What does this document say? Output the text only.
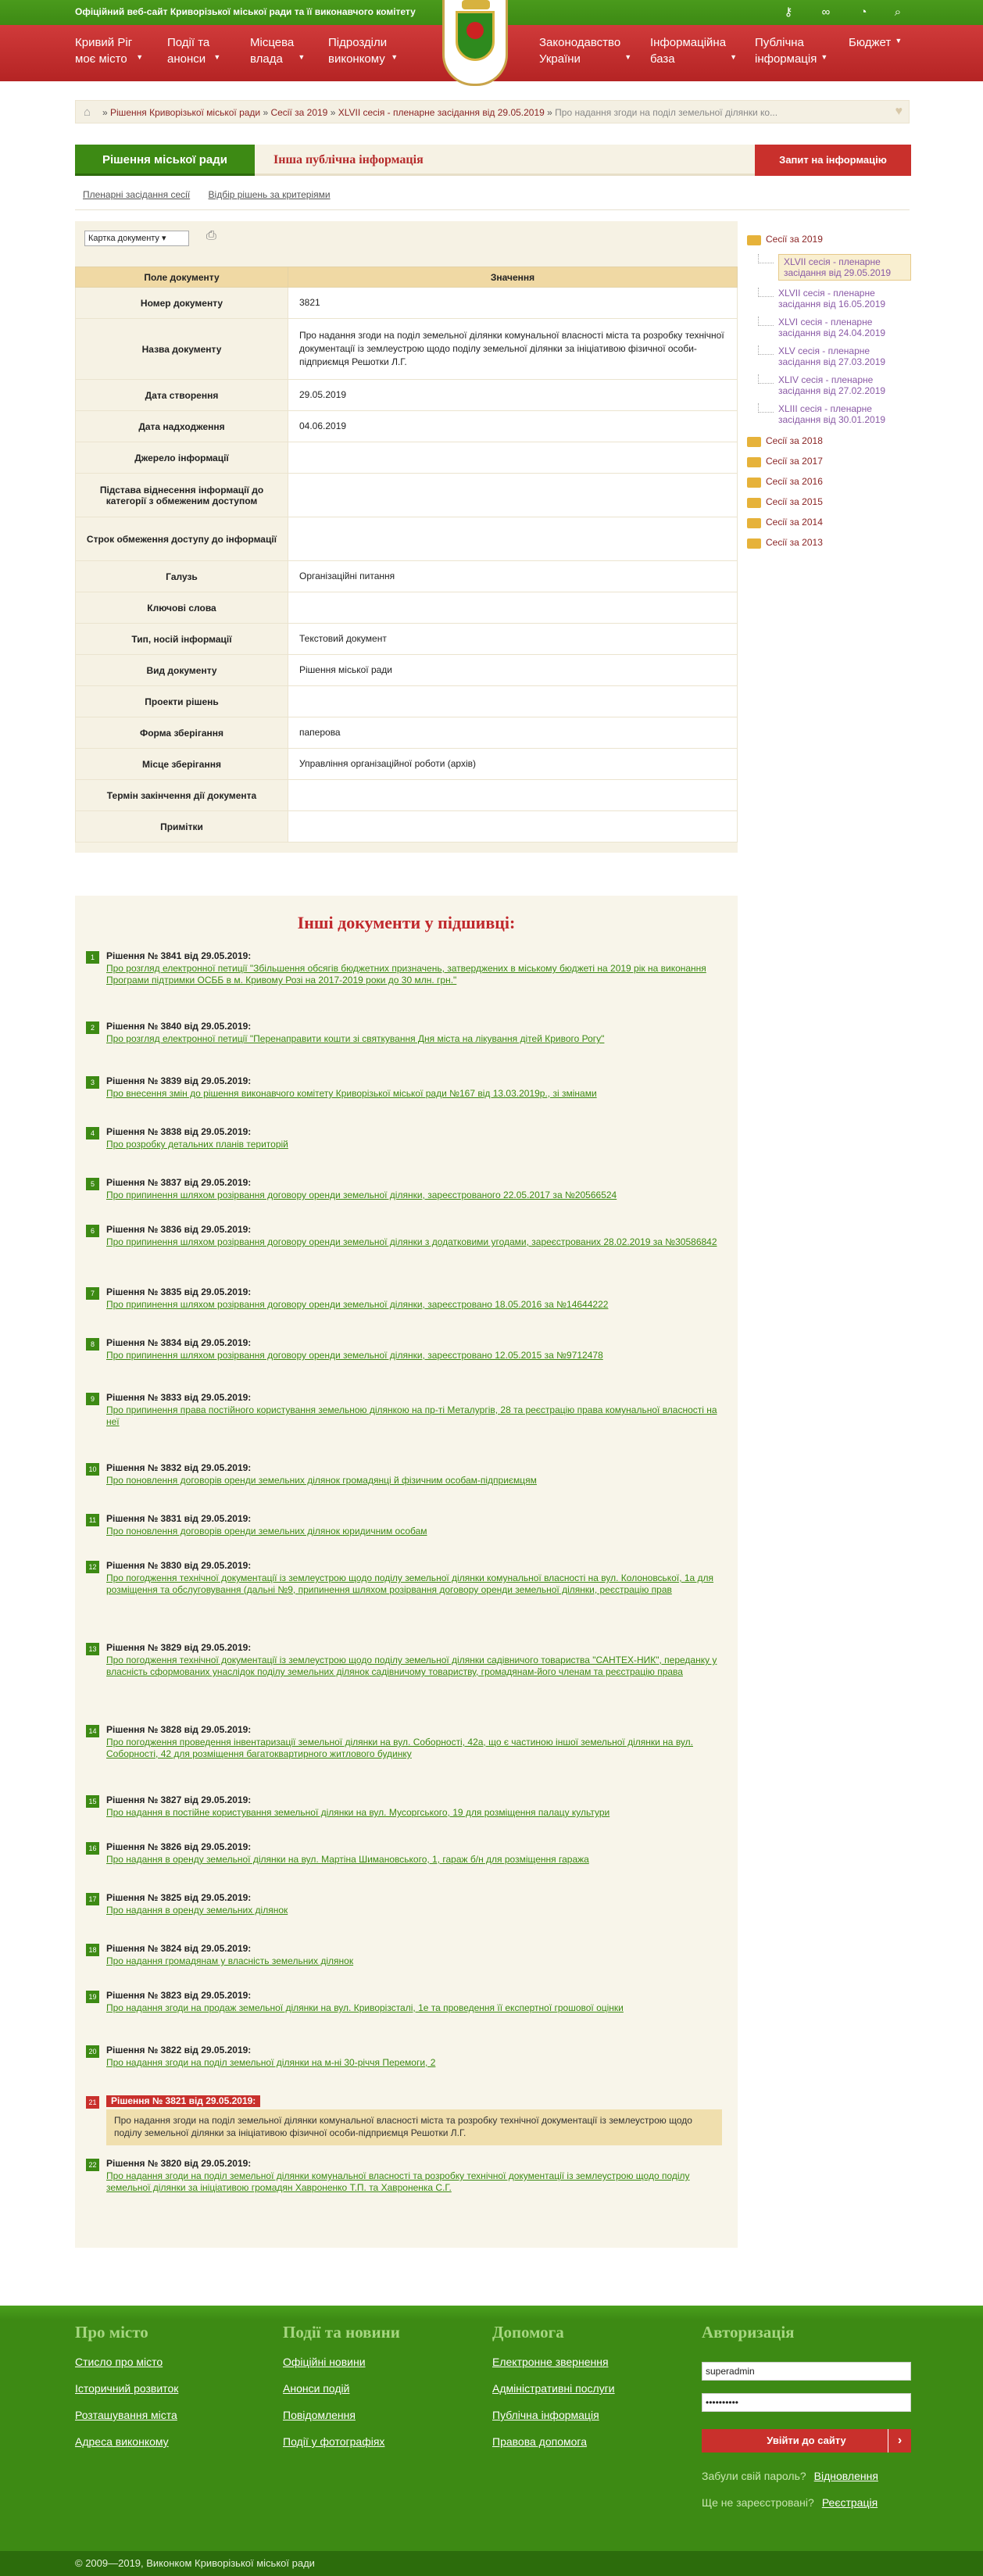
Офіційний веб-сайт Криворізької міської ради та її виконавчого комітету	⚷ ∞	◔	⌕
Кривий Ріг
моє місто ▼
Події та
анонси ▼
Місцева
влада ▼
Підрозділи
виконкому ▼
Законодавство
України	▼
Інформаційна
база	▼
Публічна
інформація ▼
Бюджет ▼
⌂ » Рішення Криворізької міської ради » Сесії за 2019 » XLVII сесія - пленарне засідання від 29.05.2019 » Про надання згоди на поділ земельної ділянки ко...	♥
Рішення міської ради	Інша публічна інформація	Запит на інформацію
Пленарні засідання сесії Відбір рішень за критеріями
Картка документу ▾	⎙
Поле документу	Значення
Номер документу	3821
Назва документу	Про надання згоди на поділ земельної ділянки комунальної власності міста та розробку технічної документації із землеустрою щодо поділу земельної ділянки за ініціативою фізичної особи-підприємця Решотки Л.Г.
Дата створення	29.05.2019
Дата надходження	04.06.2019
Джерело інформації	
Підстава віднесення інформації до категорії з обмеженим доступом	
Строк обмеження доступу до інформації	
Галузь	Організаційні питання
Ключові слова	
Тип, носій інформації	Текстовий документ
Вид документу	Рішення міської ради
Проекти рішень	
Форма зберігання	паперова
Місце зберігання	Управління організаційної роботи (архів)
Термін закінчення дії документа	
Примітки	
Інші документи у підшивці:
1	Рішення № 3841 від 29.05.2019:
Про розгляд електронної петиції "Збільшення обсягів бюджетних призначень, затверджених в міському бюджеті на 2019 рік на виконання Програми підтримки ОСББ в м. Кривому Розі на 2017-2019 роки до 30 млн. грн."
2	Рішення № 3840 від 29.05.2019:
Про розгляд електронної петиції "Перенаправити кошти зі святкування Дня міста на лікування дітей Кривого Рогу"
3	Рішення № 3839 від 29.05.2019:
Про внесення змін до рішення виконавчого комітету Криворізької міської ради №167 від 13.03.2019р., зі змінами
4	Рішення № 3838 від 29.05.2019:
Про розробку детальних планів територій
5	Рішення № 3837 від 29.05.2019:
Про припинення шляхом розірвання договору оренди земельної ділянки, зареєстрованого 22.05.2017 за №20566524
6	Рішення № 3836 від 29.05.2019:
Про припинення шляхом розірвання договору оренди земельної ділянки з додатковими угодами, зареєстрованих 28.02.2019 за №30586842
7	Рішення № 3835 від 29.05.2019:
Про припинення шляхом розірвання договору оренди земельної ділянки, зареєстровано 18.05.2016 за №14644222
8	Рішення № 3834 від 29.05.2019:
Про припинення шляхом розірвання договору оренди земельної ділянки, зареєстровано 12.05.2015 за №9712478
9	Рішення № 3833 від 29.05.2019:
Про припинення права постійного користування земельною ділянкою на пр-ті Металургів, 28 та реєстрацію права комунальної власності на неї
10 Рішення № 3832 від 29.05.2019:
Про поновлення договорів оренди земельних ділянок громадянці й фізичним особам-підприємцям
11	Рішення № 3831 від 29.05.2019:
Про поновлення договорів оренди земельних ділянок юридичним особам
12 Рішення № 3830 від 29.05.2019:
Про погодження технічної документації із землеустрою щодо поділу земельної ділянки комунальної власності на вул. Колоновської, 1а для розміщення та обслуговування (дальні №9, припинення шляхом розірвання договору оренди земельної ділянки, реєстрацію прав
13 Рішення № 3829 від 29.05.2019:
Про погодження технічної документації із землеустрою щодо поділу земельної ділянки садівничого товариства "САНТЕХ-НИК", переданку у власність сформованих унаслідок поділу земельних ділянок садівничому товариству, громадянам-його членам та реєстрацію права
14 Рішення № 3828 від 29.05.2019:
Про погодження проведення інвентаризації земельної ділянки на вул. Соборності, 42а, що є частиною іншої земельної ділянки на вул. Соборності, 42 для розміщення багатоквартирного житлового будинку
15 Рішення № 3827 від 29.05.2019:
Про надання в постійне користування земельної ділянки на вул. Мусоргського, 19 для розміщення палацу культури
16 Рішення № 3826 від 29.05.2019:
Про надання в оренду земельної ділянки на вул. Мартіна Шимановського, 1, гараж б/н для розміщення гаража
17 Рішення № 3825 від 29.05.2019:
Про надання в оренду земельних ділянок
18 Рішення № 3824 від 29.05.2019:
Про надання громадянам у власність земельних ділянок
19 Рішення № 3823 від 29.05.2019:
Про надання згоди на продаж земельної ділянки на вул. Криворізсталі, 1е та проведення її експертної грошової оцінки
20 Рішення № 3822 від 29.05.2019:
Про надання згоди на поділ земельної ділянки на м-ні 30-річчя Перемоги, 2
21	Рішення № 3821 від 29.05.2019:
Про надання згоди на поділ земельної ділянки комунальної власності міста та розробку технічної документації із землеустрою щодо поділу земельної ділянки за ініціативою фізичної особи-підприємця Решотки Л.Г.
22 Рішення № 3820 від 29.05.2019:
Про надання згоди на поділ земельної ділянки комунальної власності та розробку технічної документації із землеустрою щодо поділу земельної ділянки за ініціативою громадян Хавроненко Т.П. та Хавроненка С.Г.
Сесії за 2019
XLVII сесія - пленарне засідання від 29.05.2019
XLVIІ сесія - пленарне засідання від 16.05.2019
XLVI сесія - пленарне засідання від 24.04.2019
XLV сесія - пленарне засідання від 27.03.2019
XLIV сесія - пленарне засідання від 27.02.2019
XLIII сесія - пленарне засідання від 30.01.2019
Сесії за 2018
Сесії за 2017
Сесії за 2016
Сесії за 2015
Сесії за 2014
Сесії за 2013
Про місто
Стисло про місто
Історичний розвиток
Розташування міста
Адреса виконкому
Події та новини
Офіційні новини
Анонси подій
Повідомлення
Події у фотографіях
Допомога
Електронне звернення
Адміністративні послуги
Публічна інформація
Правова допомога
Авторизація
superadmin
••••••••••
Увійти до сайту	›
Забули свій пароль? Відновлення
Ще не зареєстровані? Реєстрація
© 2009—2019, Виконком Криворізької міської ради
